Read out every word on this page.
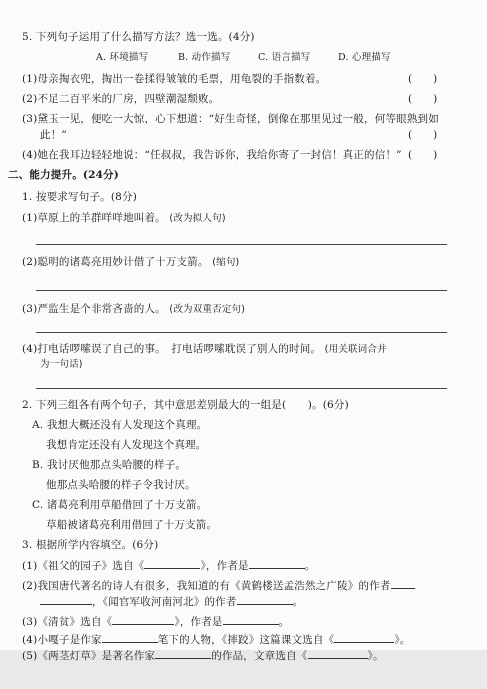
5. 下列句子运用了什么描写方法？选一选。(4分)
A. 环境描写	B. 动作描写	C. 语言描写	D. 心理描写
(1)母亲掏衣兜，掏出一卷揉得皱皱的毛票，用龟裂的手指数着。	(　　)
(2)不足二百平米的厂房，四壁潮湿颓败。	(　　)
(3)黛玉一见，便吃一大惊，心下想道：“好生奇怪，倒像在那里见过一般，何等眼熟到如
此！”	(　　)
(4)她在我耳边轻轻地说：“任叔叔，我告诉你，我给你寄了一封信！真正的信！” (　　)
二、能力提升。(24分)
1. 按要求写句子。(8分)
(1)草原上的羊群咩咩地叫着。 (改为拟人句)
(2)聪明的诸葛亮用妙计借了十万支箭。 (缩句)
(3)严监生是个非常吝啬的人。 (改为双重否定句)
(4)打电话啰嗦误了自己的事。　打电话啰嗦耽误了别人的时间。 (用关联词合并
为一句话)
2. 下列三组各有两个句子，其中意思差别最大的一组是(　　)。(6分)
A. 我想大概还没有人发现这个真理。
我想肯定还没有人发现这个真理。
B. 我讨厌他那点头哈腰的样子。
他那点头哈腰的样子令我讨厌。
C. 诸葛亮利用草船借回了十万支箭。
草船被诸葛亮利用借回了十万支箭。
3. 根据所学内容填空。(6分)
(1)《祖父的园子》选自《	》，作者是	。
(2)我国唐代著名的诗人有很多，我知道的有《黄鹤楼送孟浩然之广陵》的作者
，《闻官军收河南河北》的作者	。
(3)《清贫》选自《	》，作者是	。
(4)小嘎子是作家	笔下的人物，《摔跤》这篇课文选自《	》。
(5)《两茎灯草》是著名作家	的作品，文章选自《	》。
